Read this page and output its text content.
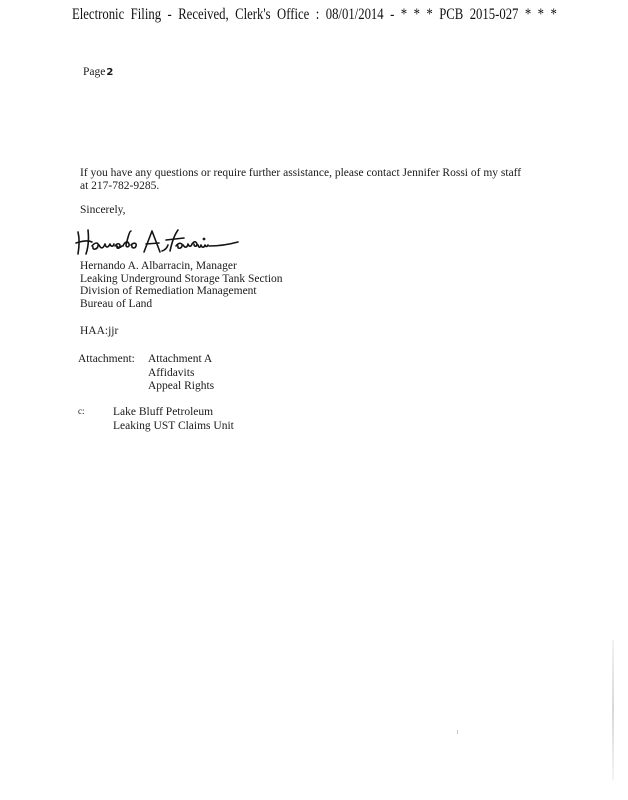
Electronic Filing - Received, Clerk's Office : 08/01/2014 - * * * PCB 2015-027 * * *
Page2
If you have any questions or require further assistance, please contact Jennifer Rossi of my staff
at 217-782-9285.
Sincerely,
Hernando A. Albarracin, Manager
Leaking Underground Storage Tank Section
Division of Remediation Management
Bureau of Land
HAA:jjr
Attachment: Attachment A
Affidavits
Appeal Rights
c: Lake Bluff Petroleum
Leaking UST Claims Unit
